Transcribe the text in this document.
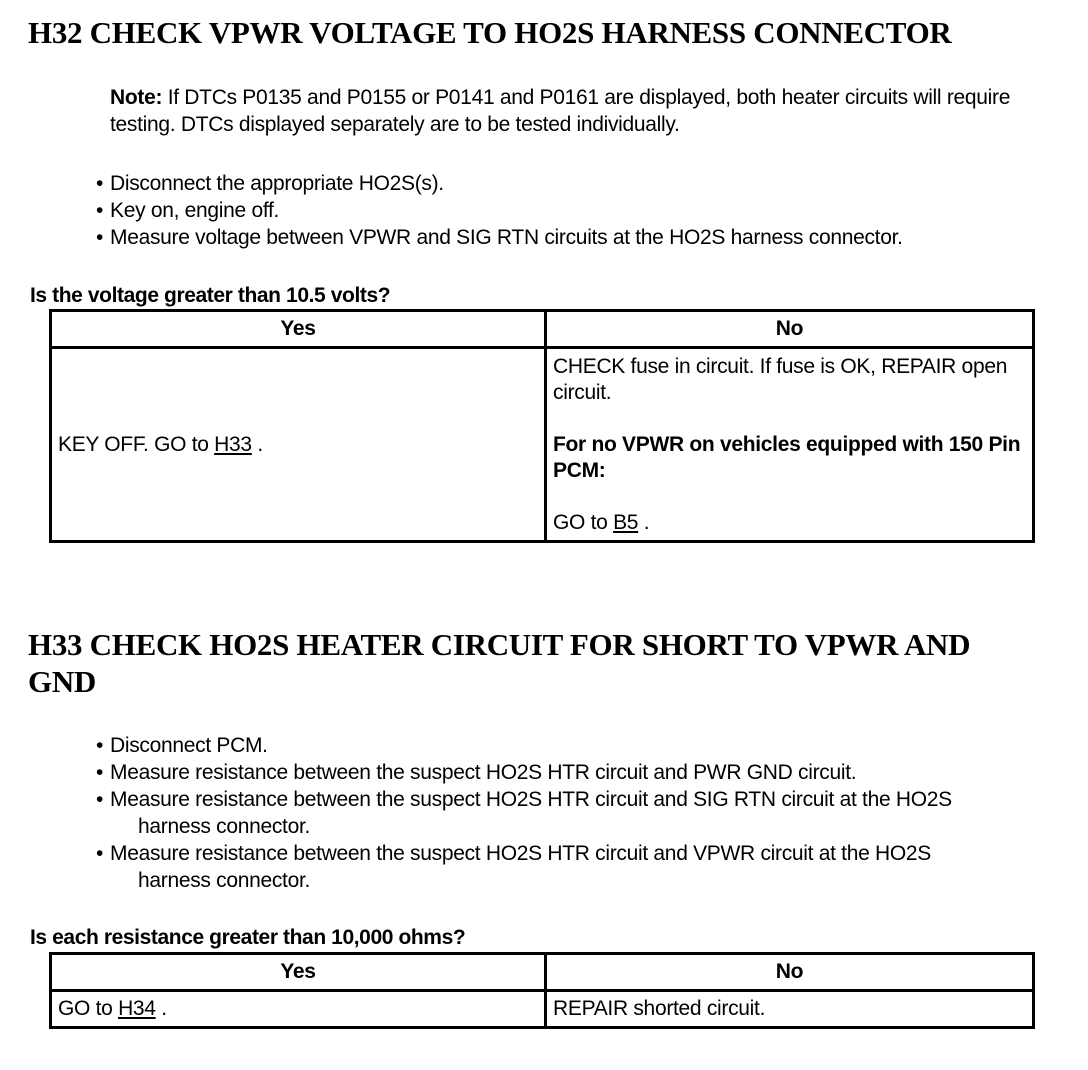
H32 CHECK VPWR VOLTAGE TO HO2S HARNESS CONNECTOR
Note: If DTCs P0135 and P0155 or P0141 and P0161 are displayed, both heater circuits will require testing. DTCs displayed separately are to be tested individually.
• Disconnect the appropriate HO2S(s).
• Key on, engine off.
• Measure voltage between VPWR and SIG RTN circuits at the HO2S harness connector.
Is the voltage greater than 10.5 volts?
Yes	No
KEY OFF. GO to H33 .	CHECK fuse in circuit. If fuse is OK, REPAIR open circuit.

For no VPWR on vehicles equipped with 150 Pin PCM:

GO to B5 .

H33 CHECK HO2S HEATER CIRCUIT FOR SHORT TO VPWR AND
GND
• Disconnect PCM.
• Measure resistance between the suspect HO2S HTR circuit and PWR GND circuit.
• Measure resistance between the suspect HO2S HTR circuit and SIG RTN circuit at the HO2S
harness connector.
• Measure resistance between the suspect HO2S HTR circuit and VPWR circuit at the HO2S
harness connector.
Is each resistance greater than 10,000 ohms?
Yes	No
GO to H34 .	REPAIR shorted circuit.
